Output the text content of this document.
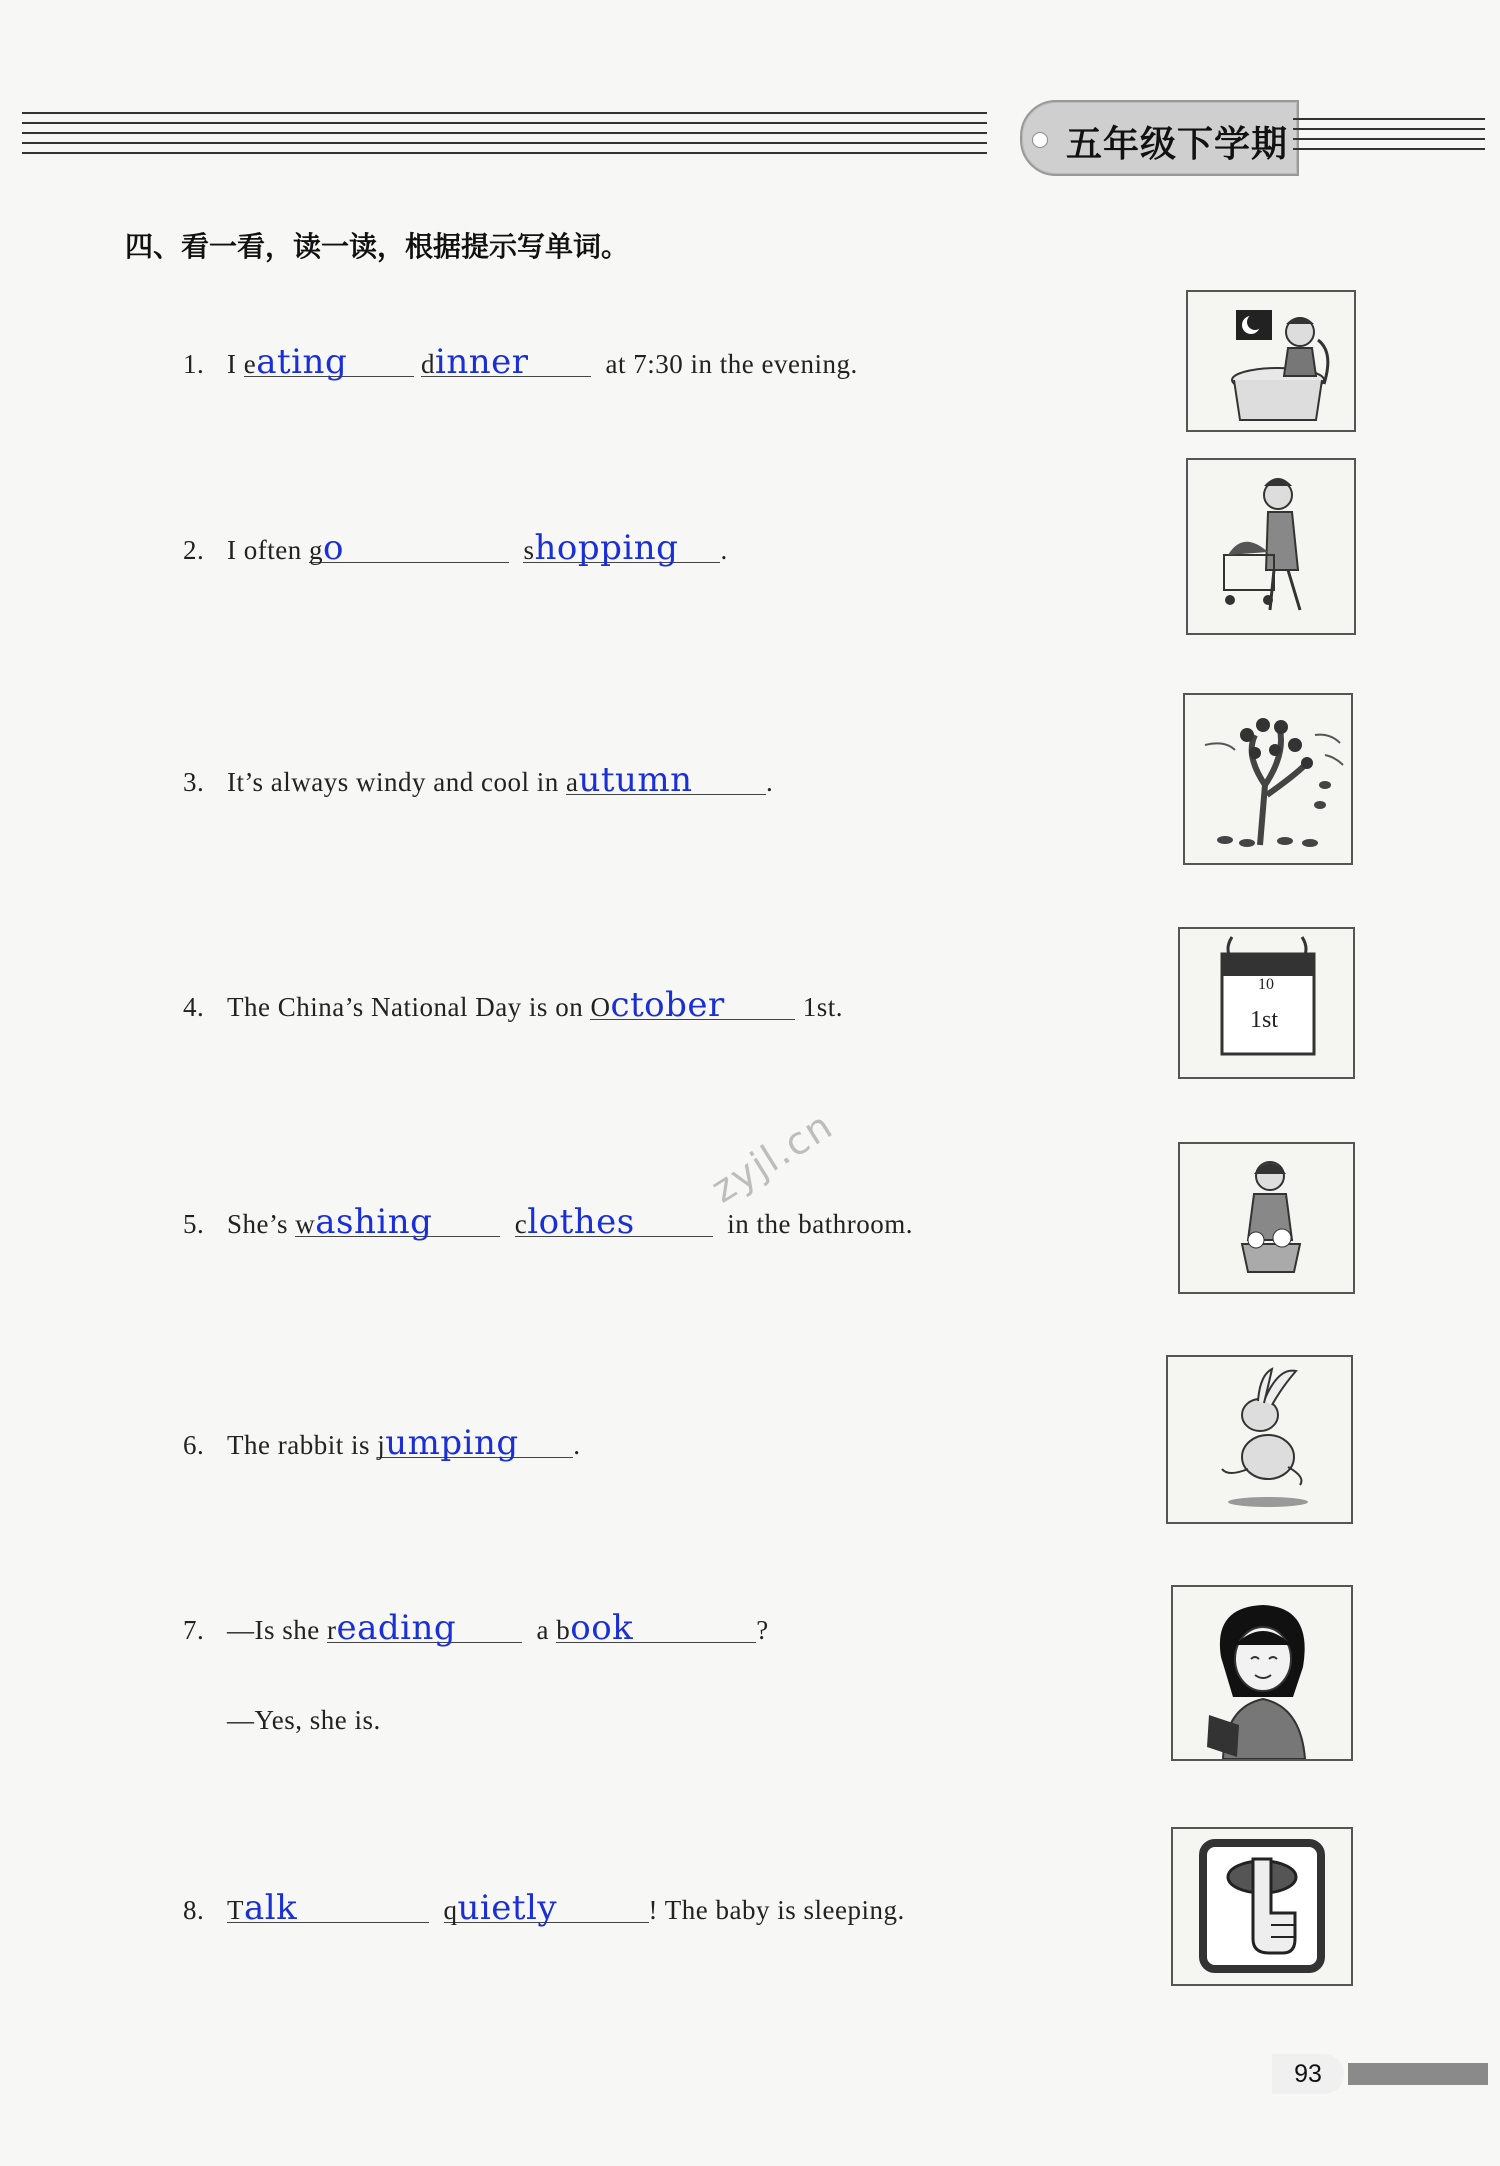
五年级下学期
四、看一看，读一读，根据提示写单词。
1. I eating	dinner  at 7:30 in the evening.
2. I often go	shopping .
3. It’s always windy and cool in autumn	.
4. The China’s National Day is on October	1st.
5. She’s washing	clothes	in the bathroom.
6. The rabbit is jumping .
7. —Is she reading  a book	?
—Yes, she is.
8. Talk	quietly	! The baby is sleeping.
10
1st
zyjl.cn
93
